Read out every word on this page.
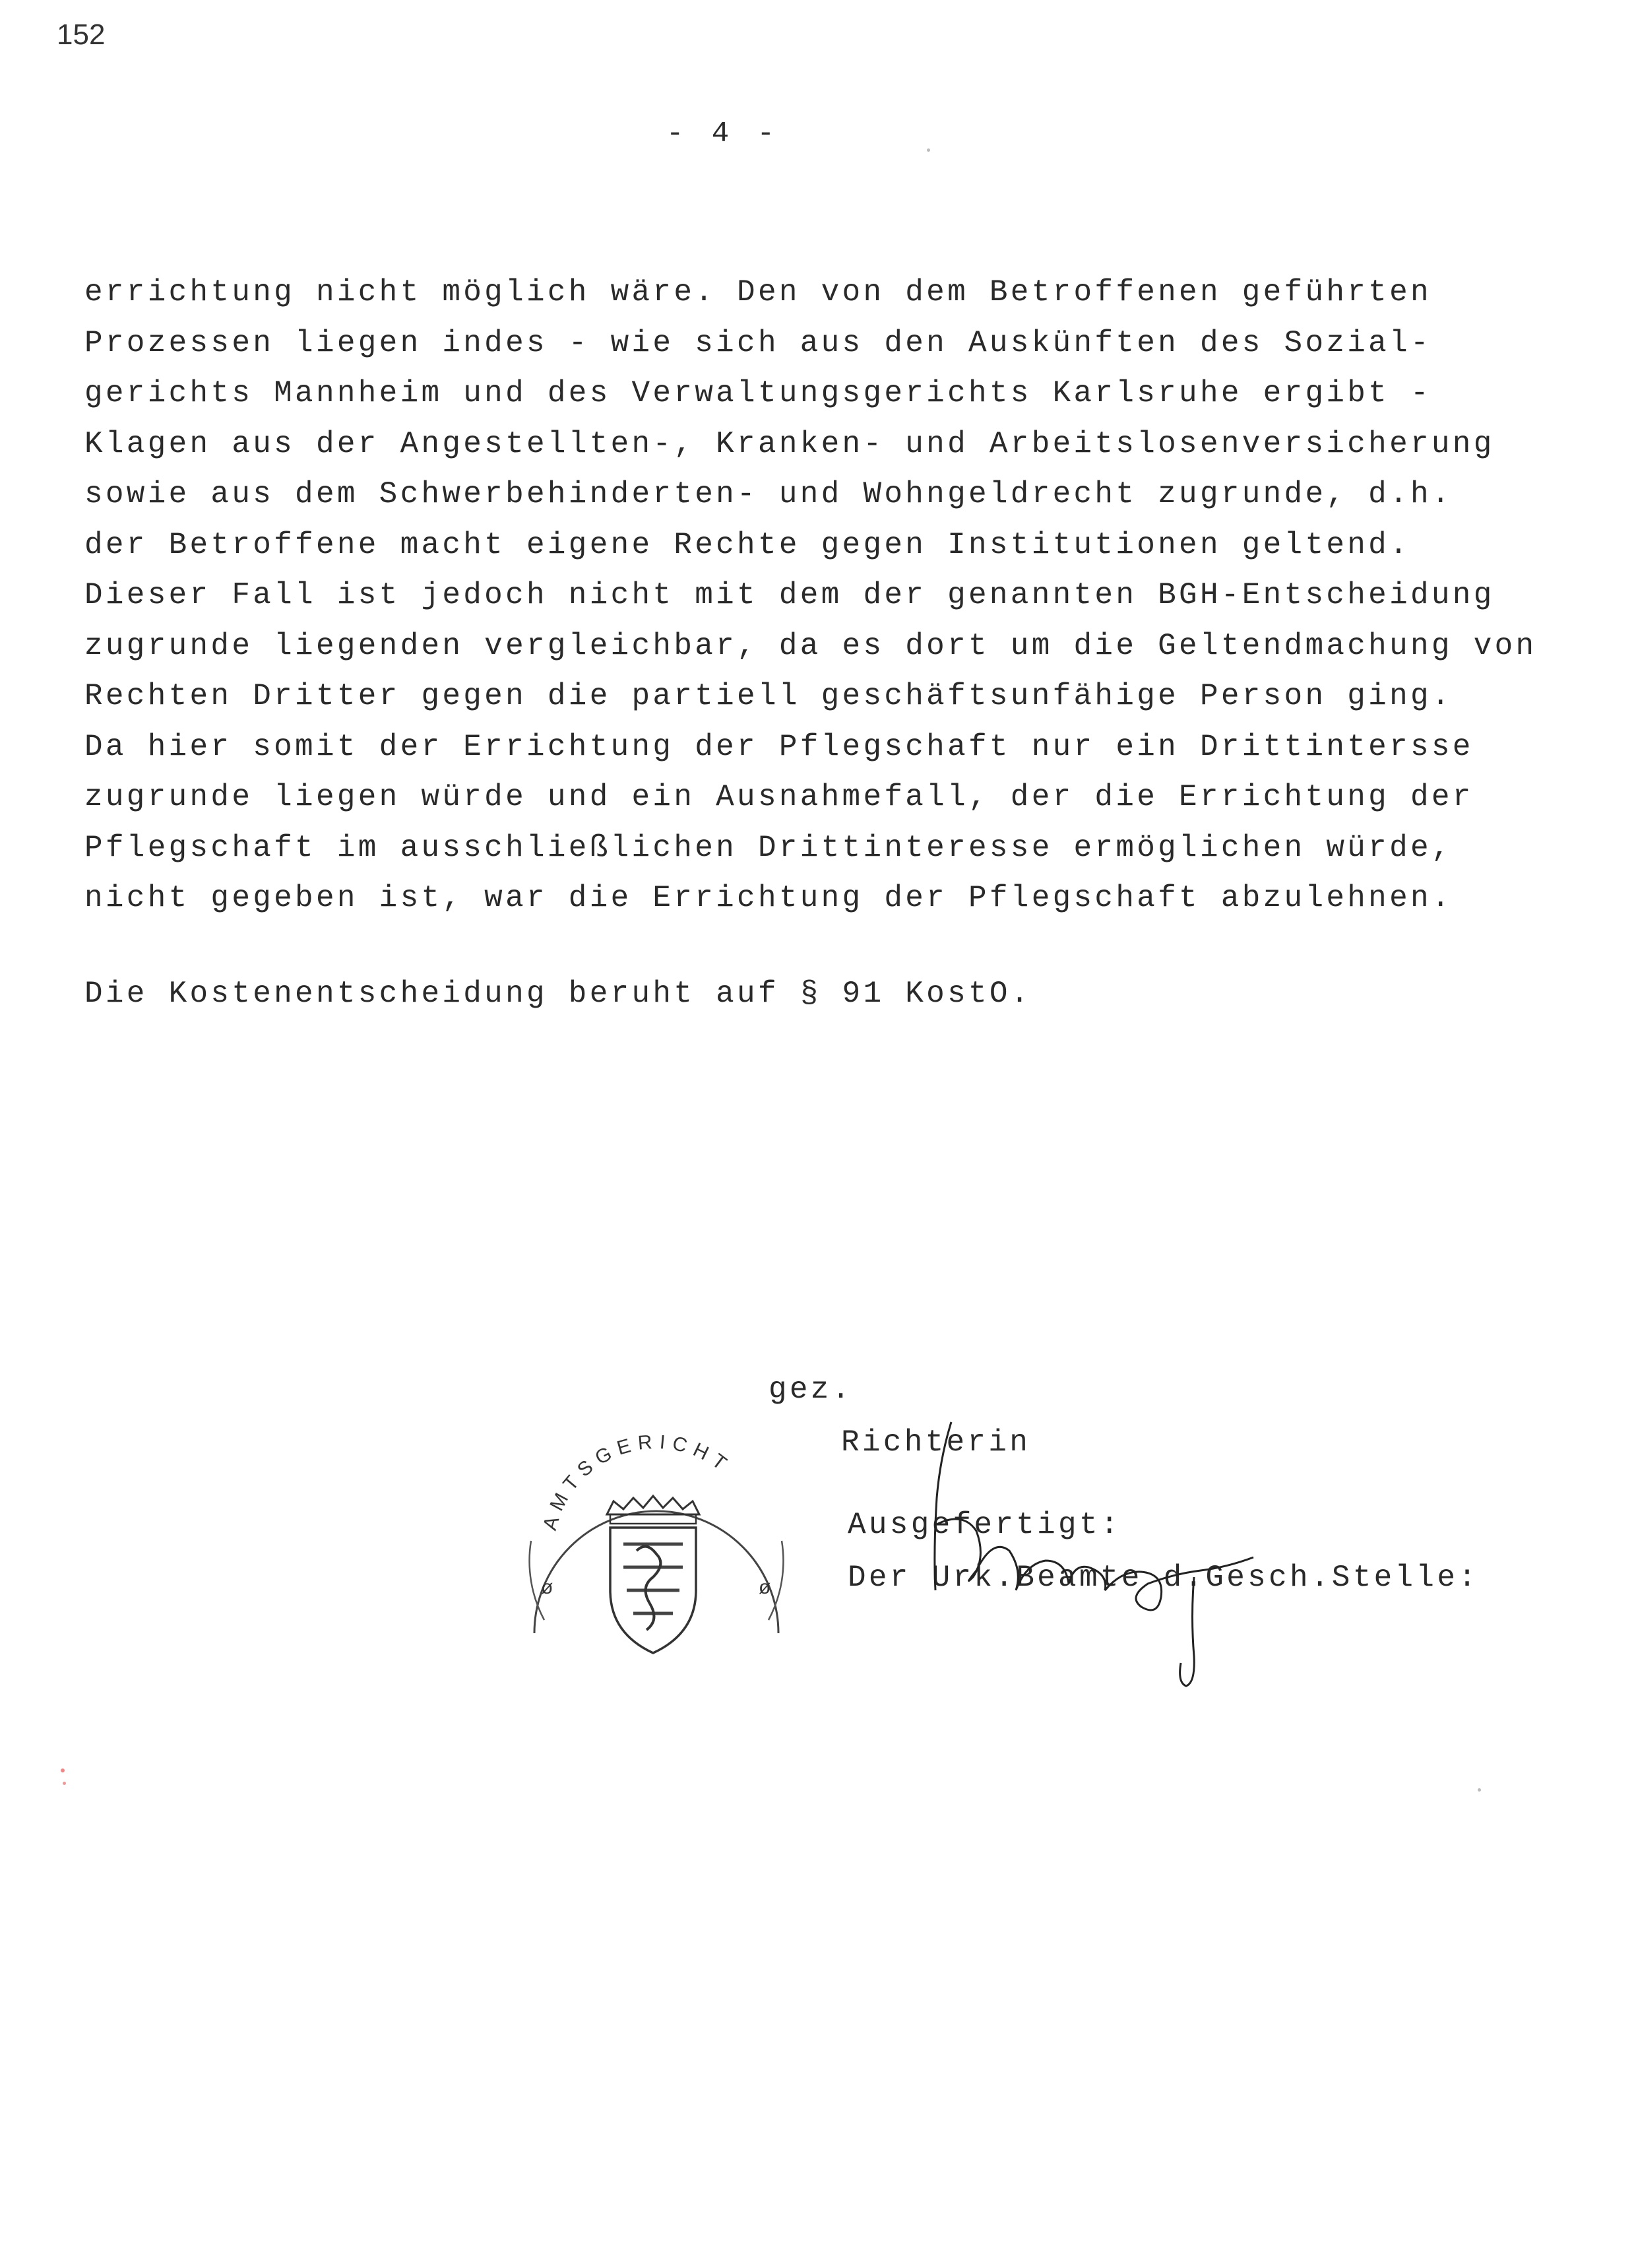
152
- 4 -
errichtung nicht möglich wäre. Den von dem Betroffenen geführten
Prozessen liegen indes - wie sich aus den Auskünften des Sozial-
gerichts Mannheim und des Verwaltungsgerichts Karlsruhe ergibt -
Klagen aus der Angestellten-, Kranken- und Arbeitslosenversicherung
sowie aus dem Schwerbehinderten- und Wohngeldrecht zugrunde, d.h.
der Betroffene macht eigene Rechte gegen Institutionen geltend.
Dieser Fall ist jedoch nicht mit dem der genannten BGH-Entscheidung
zugrunde liegenden vergleichbar, da es dort um die Geltendmachung von
Rechten Dritter gegen die partiell geschäftsunfähige Person ging.
Da hier somit der Errichtung der Pflegschaft nur ein Drittintersse
zugrunde liegen würde und ein Ausnahmefall, der die Errichtung der
Pflegschaft im ausschließlichen Drittinteresse ermöglichen würde,
nicht gegeben ist, war die Errichtung der Pflegschaft abzulehnen.
Die Kostenentscheidung beruht auf § 91 KostO.
gez.
Richterin
Ausgefertigt:
Der Urk.Beamte d.Gesch.Stelle:
AMTSGERICHT
ø	ø
